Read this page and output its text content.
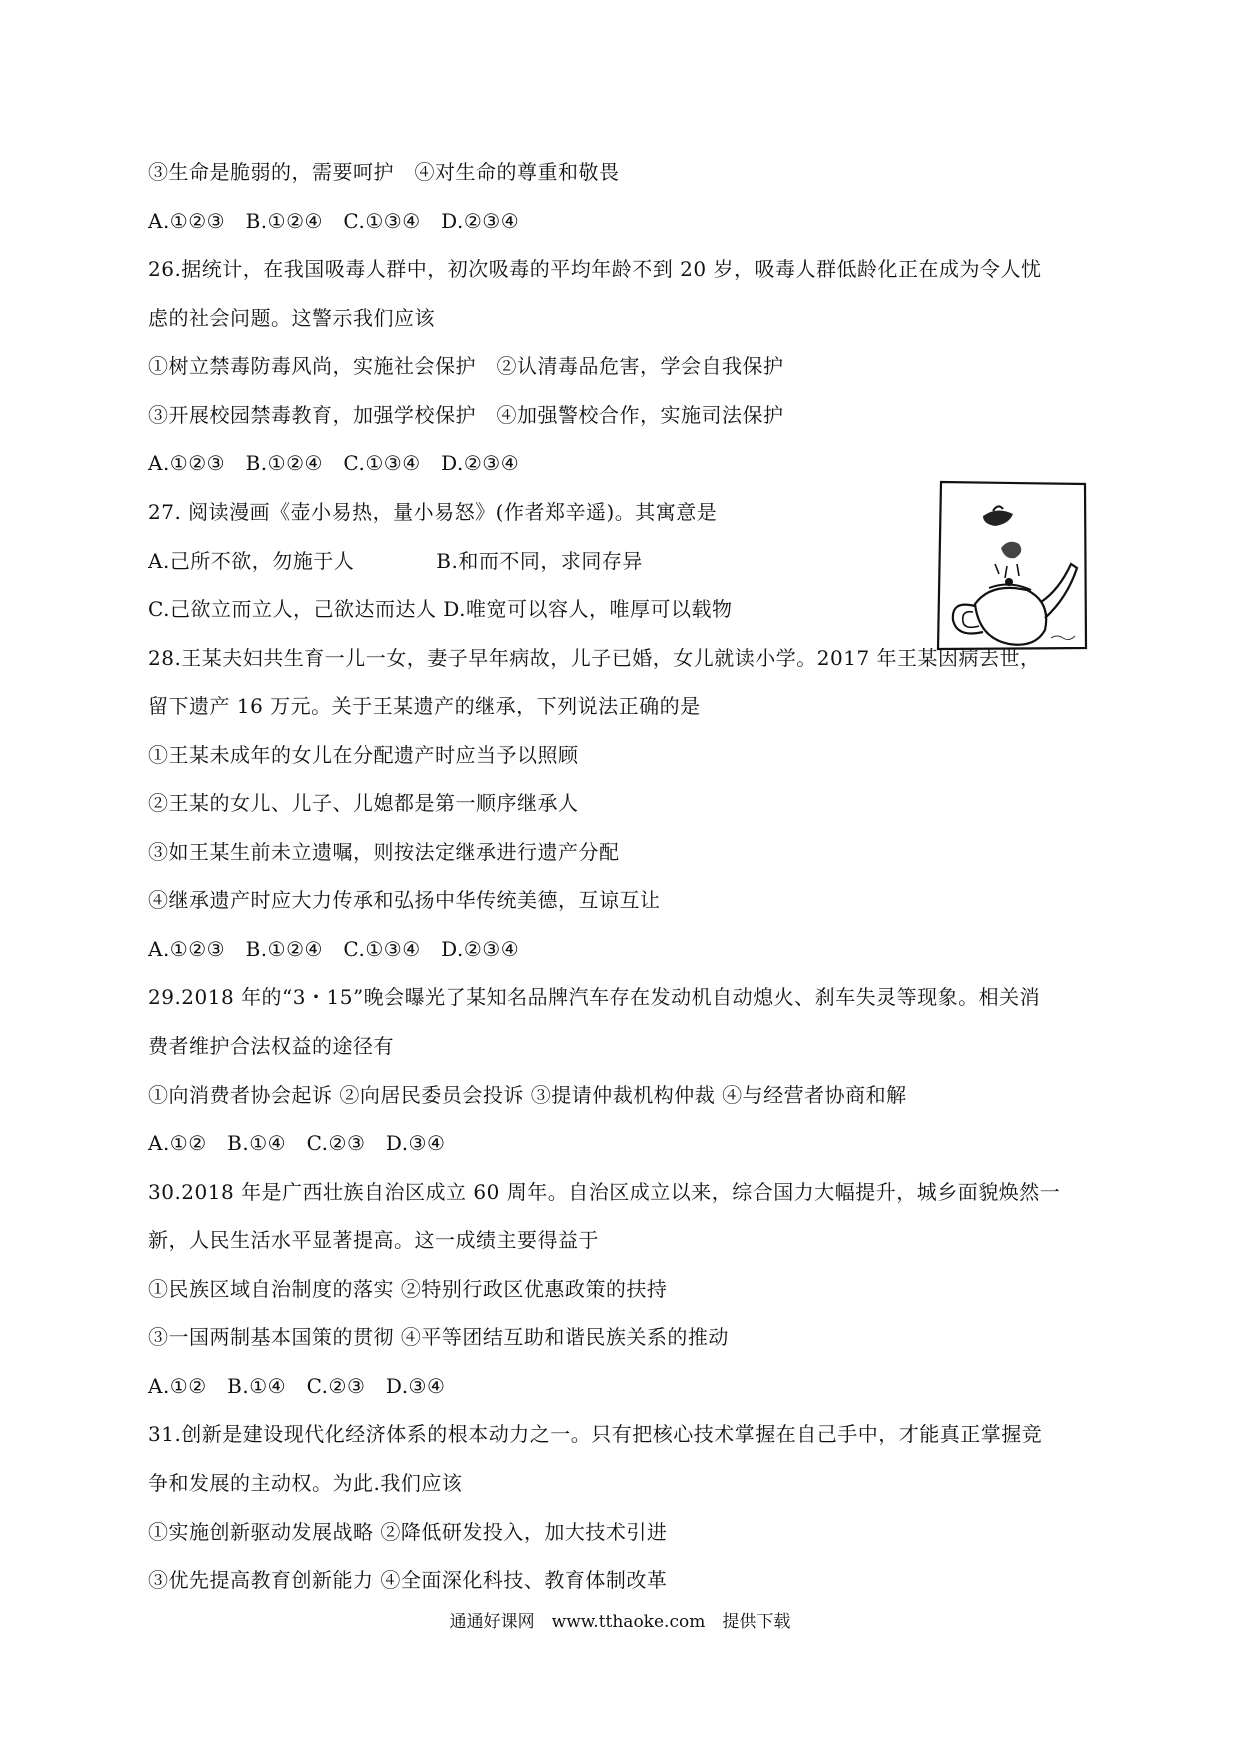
③生命是脆弱的，需要呵护　④对生命的尊重和敬畏
A.①②③　B.①②④　C.①③④　D.②③④
26.据统计，在我国吸毒人群中，初次吸毒的平均年龄不到 20 岁，吸毒人群低龄化正在成为令人忧
虑的社会问题。这警示我们应该
①树立禁毒防毒风尚，实施社会保护　②认清毒品危害，学会自我保护
③开展校园禁毒教育，加强学校保护　④加强警校合作，实施司法保护
A.①②③　B.①②④　C.①③④　D.②③④
27. 阅读漫画《壶小易热，量小易怒》(作者郑辛遥)。其寓意是
A.己所不欲，勿施于人　　　　B.和而不同，求同存异
C.己欲立而立人，己欲达而达人 D.唯宽可以容人，唯厚可以载物
28.王某夫妇共生育一儿一女，妻子早年病故，儿子已婚，女儿就读小学。2017 年王某因病去世，
留下遗产 16 万元。关于王某遗产的继承，下列说法正确的是
①王某未成年的女儿在分配遗产时应当予以照顾
②王某的女儿、儿子、儿媳都是第一顺序继承人
③如王某生前未立遗嘱，则按法定继承进行遗产分配
④继承遗产时应大力传承和弘扬中华传统美德，互谅互让
A.①②③　B.①②④　C.①③④　D.②③④
29.2018 年的“3・15”晚会曝光了某知名品牌汽车存在发动机自动熄火、刹车失灵等现象。相关消
费者维护合法权益的途径有
①向消费者协会起诉 ②向居民委员会投诉 ③提请仲裁机构仲裁 ④与经营者协商和解
A.①②　B.①④　C.②③　D.③④
30.2018 年是广西壮族自治区成立 60 周年。自治区成立以来，综合国力大幅提升，城乡面貌焕然一
新，人民生活水平显著提高。这一成绩主要得益于
①民族区域自治制度的落实 ②特别行政区优惠政策的扶持
③一国两制基本国策的贯彻 ④平等团结互助和谐民族关系的推动
A.①②　B.①④　C.②③　D.③④
31.创新是建设现代化经济体系的根本动力之一。只有把核心技术掌握在自己手中，才能真正掌握竞
争和发展的主动权。为此.我们应该
①实施创新驱动发展战略 ②降低研发投入，加大技术引进
③优先提高教育创新能力 ④全面深化科技、教育体制改革
通通好课网　www.tthaoke.com　提供下载
